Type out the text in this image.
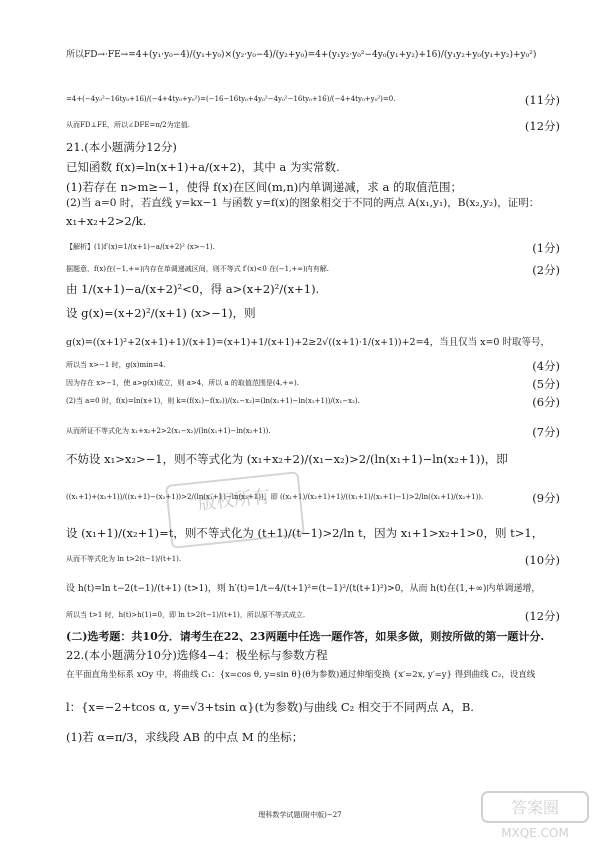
所以FD→·FE→=4+(y₁·y₀−4)/(y₁+y₀)×(y₂·y₀−4)/(y₂+y₀)=4+(y₁y₂·y₀²−4y₀(y₁+y₂)+16)/(y₁y₂+y₀(y₁+y₂)+y₀²)
=4+(−4y₀²−16ty₀+16)/(−4+4ty₀+y₀²)=(−16−16ty₀+4y₀²−4y₀²−16ty₀+16)/(−4+4ty₀+y₀²)=0.	(11分)
从而FD⊥FE，所以∠DFE=π/2为定值.	(12分)
21.(本小题满分12分)
已知函数 f(x)=ln(x+1)+a/(x+2)，其中 a 为实常数.
(1)若存在 n>m≥−1，使得 f(x)在区间(m,n)内单调递减，求 a 的取值范围；
(2)当 a=0 时，若直线 y=kx−1 与函数 y=f(x)的图象相交于不同的两点 A(x₁,y₁)，B(x₂,y₂)，证明：
x₁+x₂+2>2/k.
【解析】(1)f′(x)=1/(x+1)−a/(x+2)² (x>−1).	(1分)
据题意，f(x)在(−1,+∞)内存在单调递减区间，则不等式 f′(x)<0 在(−1,+∞)内有解.	(2分)
由 1/(x+1)−a/(x+2)²<0，得 a>(x+2)²/(x+1).
设 g(x)=(x+2)²/(x+1) (x>−1)，则
g(x)=((x+1)²+2(x+1)+1)/(x+1)=(x+1)+1/(x+1)+2≥2√((x+1)·1/(x+1))+2=4，当且仅当 x=0 时取等号，
所以当 x>−1 时，g(x)min=4.	(4分)
因为存在 x>−1，使 a>g(x)成立，则 a>4，所以 a 的取值范围是(4,+∞).	(5分)
(2)当 a=0 时，f(x)=ln(x+1)，则 k=(f(x₁)−f(x₂))/(x₁−x₂)=(ln(x₁+1)−ln(x₂+1))/(x₁−x₂).	(6分)
从而所证不等式化为 x₁+x₂+2>2(x₁−x₂)/(ln(x₁+1)−ln(x₂+1)).	(7分)
不妨设 x₁>x₂>−1，则不等式化为 (x₁+x₂+2)/(x₁−x₂)>2/(ln(x₁+1)−ln(x₂+1))，即
((x₁+1)+(x₂+1))/((x₁+1)−(x₂+1))>2/(ln(x₁+1)−ln(x₂+1))，即 ((x₁+1)/(x₂+1)+1)/((x₁+1)/(x₂+1)−1)>2/ln((x₁+1)/(x₂+1)).	(9分)
设 (x₁+1)/(x₂+1)=t，则不等式化为 (t+1)/(t−1)>2/ln t，因为 x₁+1>x₂+1>0，则 t>1，
从而不等式化为 ln t>2(t−1)/(t+1).	(10分)
设 h(t)=ln t−2(t−1)/(t+1) (t>1)，则 h′(t)=1/t−4/(t+1)²=(t−1)²/(t(t+1)²)>0，从而 h(t)在(1,+∞)内单调递增，
所以当 t>1 时，h(t)>h(1)=0，即 ln t>2(t−1)/(t+1)，所以原不等式成立.	(12分)
(二)选考题：共10分．请考生在22、23两题中任选一题作答，如果多做，则按所做的第一题计分.
22.(本小题满分10分)选修4−4：极坐标与参数方程
在平面直角坐标系 xOy 中，将曲线 C₁：{x=cos θ, y=sin θ}(θ为参数)通过伸缩变换 {x′=2x, y′=y} 得到曲线 C₂，设直线
l：{x=−2+tcos α, y=√3+tsin α}(t为参数)与曲线 C₂ 相交于不同两点 A，B.
(1)若 α=π/3，求线段 AB 的中点 M 的坐标；
理科数学试题(附中版)−27
版权所有
答案圈
MXQE.COM
